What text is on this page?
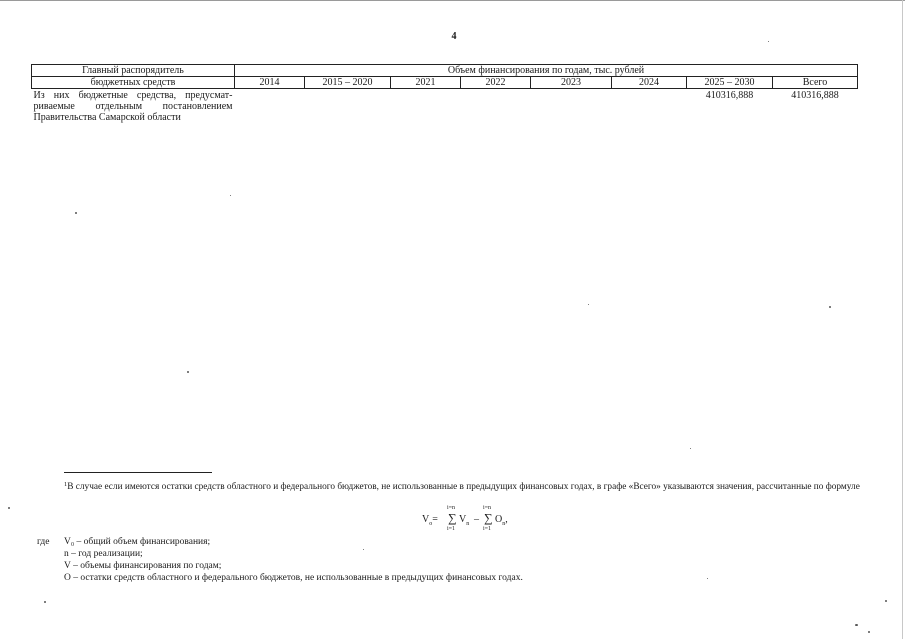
4
Главный распорядитель	Объем финансирования по годам, тыс. рублей							
бюджетных средств	2014	2015 – 2020	2021	2022	2023	2024	2025 – 2030	Всего
Из них бюджетные средства, предусмат-риваемые отдельным постановлением Правительства Самарской области							410316,888	410316,888
$^1$В случае если имеются остатки средств областного и федерального бюджетов, не использованные в предыдущих финансовых годах, в графе «Всего» указываются значения, рассчитанные по формуле
$V_o=$
i=n
∑
i=1
$V_n$ –
i=n
∑
i=1
$O_n$,
где V₀ – общий объем финансирования;
n – год реализации;
V – объемы финансирования по годам;
O – остатки средств областного и федерального бюджетов, не использованные в предыдущих финансовых годах.
